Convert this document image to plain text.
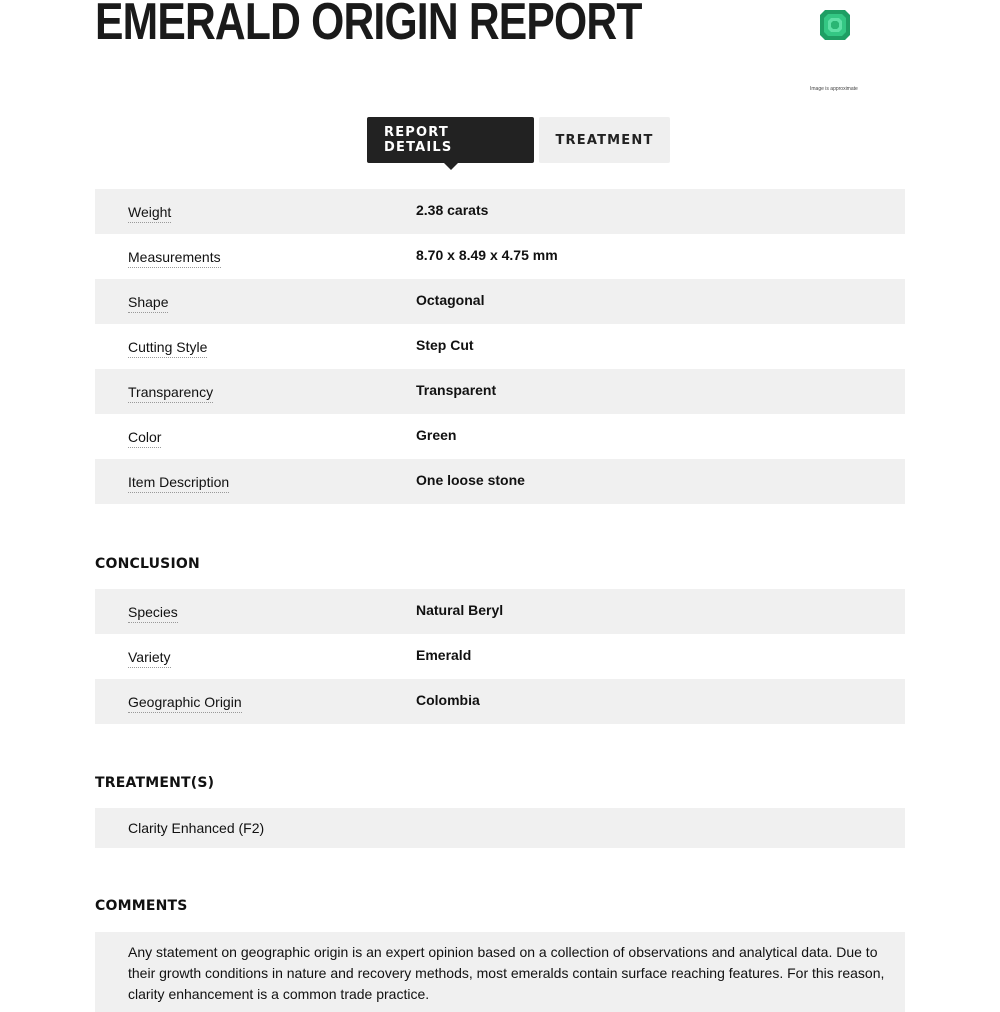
EMERALD ORIGIN REPORT
Image is approximate
REPORT DETAILS	TREATMENT
Weight	2.38 carats
Measurements	8.70 x 8.49 x 4.75 mm
Shape	Octagonal
Cutting Style	Step Cut
Transparency	Transparent
Color	Green
Item Description	One loose stone
CONCLUSION
Species	Natural Beryl
Variety	Emerald
Geographic Origin	Colombia
TREATMENT(S)
Clarity Enhanced (F2)
COMMENTS
Any statement on geographic origin is an expert opinion based on a collection of observations and analytical data. Due to their growth conditions in nature and recovery methods, most emeralds contain surface reaching features. For this reason, clarity enhancement is a common trade practice.
